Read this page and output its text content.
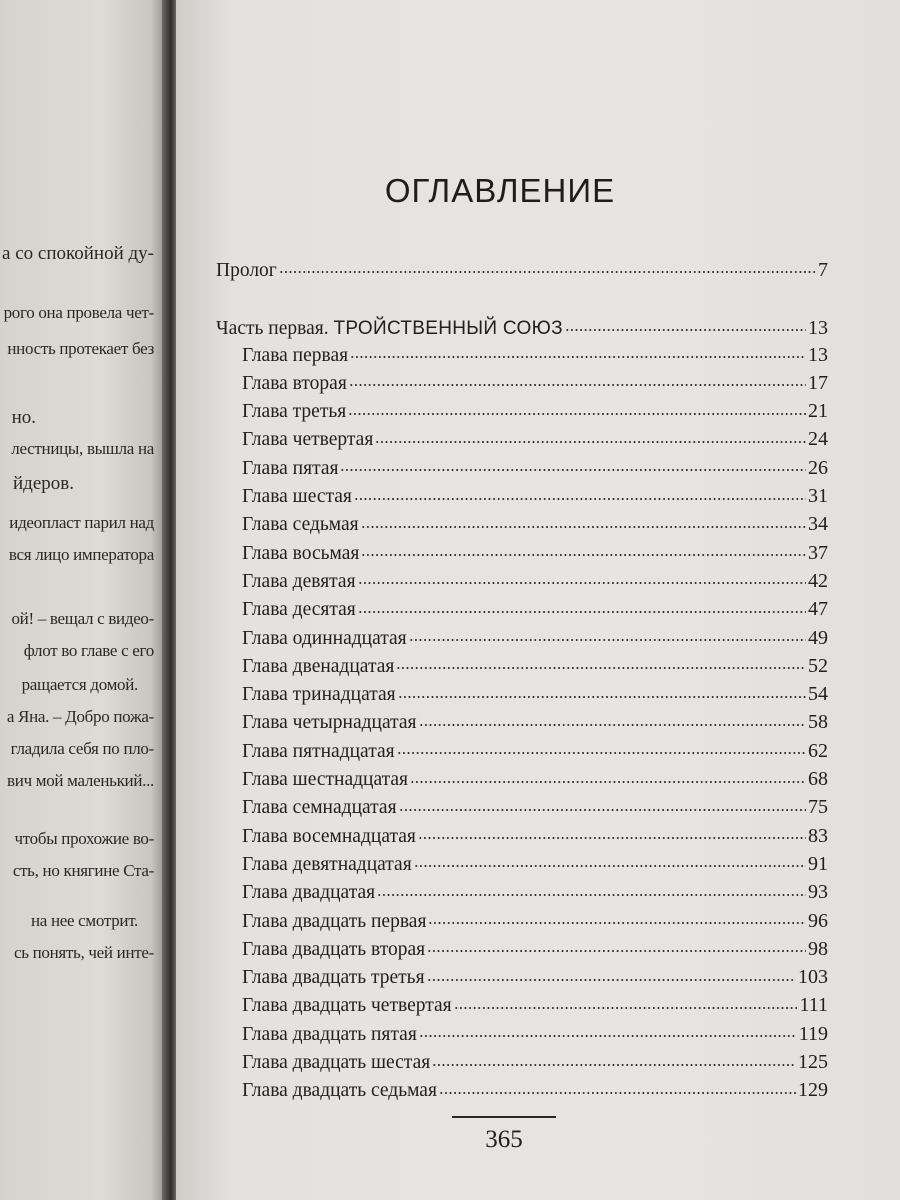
а со спокойной ду-
рого она провела чет-
нность протекает без
но.
лестницы, вышла на
йдеров.
идеопласт парил над
вся лицо императора
ой! – вещал с видео-
флот во главе с его
ращается домой.
а Яна. – Добро пожа-
гладила себя по пло-
вич мой маленький...
чтобы прохожие во-
сть, но княгине Ста-
на нее смотрит.
сь понять, чей инте-
ОГЛАВЛЕНИЕ
Пролог	7
Часть первая. ТРОЙСТВЕННЫЙ СОЮЗ	13
Глава первая	13
Глава вторая	17
Глава третья	21
Глава четвертая	24
Глава пятая	26
Глава шестая	31
Глава седьмая	34
Глава восьмая	37
Глава девятая	42
Глава десятая	47
Глава одиннадцатая	49
Глава двенадцатая	52
Глава тринадцатая	54
Глава четырнадцатая	58
Глава пятнадцатая	62
Глава шестнадцатая	68
Глава семнадцатая	75
Глава восемнадцатая	83
Глава девятнадцатая	91
Глава двадцатая	93
Глава двадцать первая	96
Глава двадцать вторая	98
Глава двадцать третья	103
Глава двадцать четвертая	111
Глава двадцать пятая	119
Глава двадцать шестая	125
Глава двадцать седьмая	129
365
